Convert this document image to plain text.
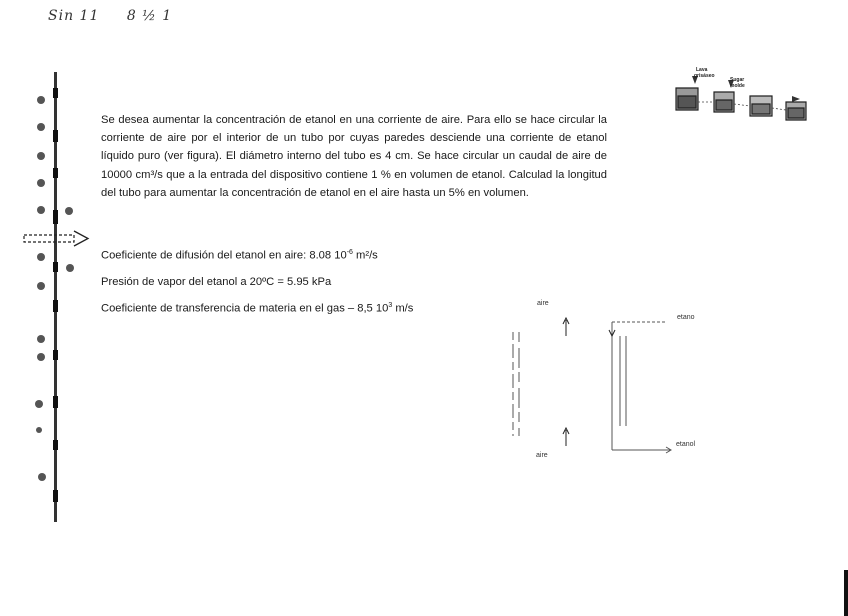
Sin 11 8 ½ 1
Se desea aumentar la concentración de etanol en una corriente de aire. Para ello se hace circular la corriente de aire por el interior de un tubo por cuyas paredes desciende una corriente de etanol líquido puro (ver figura). El diámetro interno del tubo es 4 cm. Se hace circular un caudal de aire de 10000 cm³/s que a la entrada del dispositivo contiene 1 % en volumen de etanol. Calculad la longitud del tubo para aumentar la concentración de etanol en el aire hasta un 5% en volumen.
Coeficiente de difusión del etanol en aire: 8.08 $10^{-6}$ m²/s
Presión de vapor del etanol a 20ºC = 5.95 kPa
Coeficiente de transferencia de materia en el gas – 8,5 $10^3$ m/s
Lava
grisáseo
Sugar
molde
aire
aire
etano
etanol
